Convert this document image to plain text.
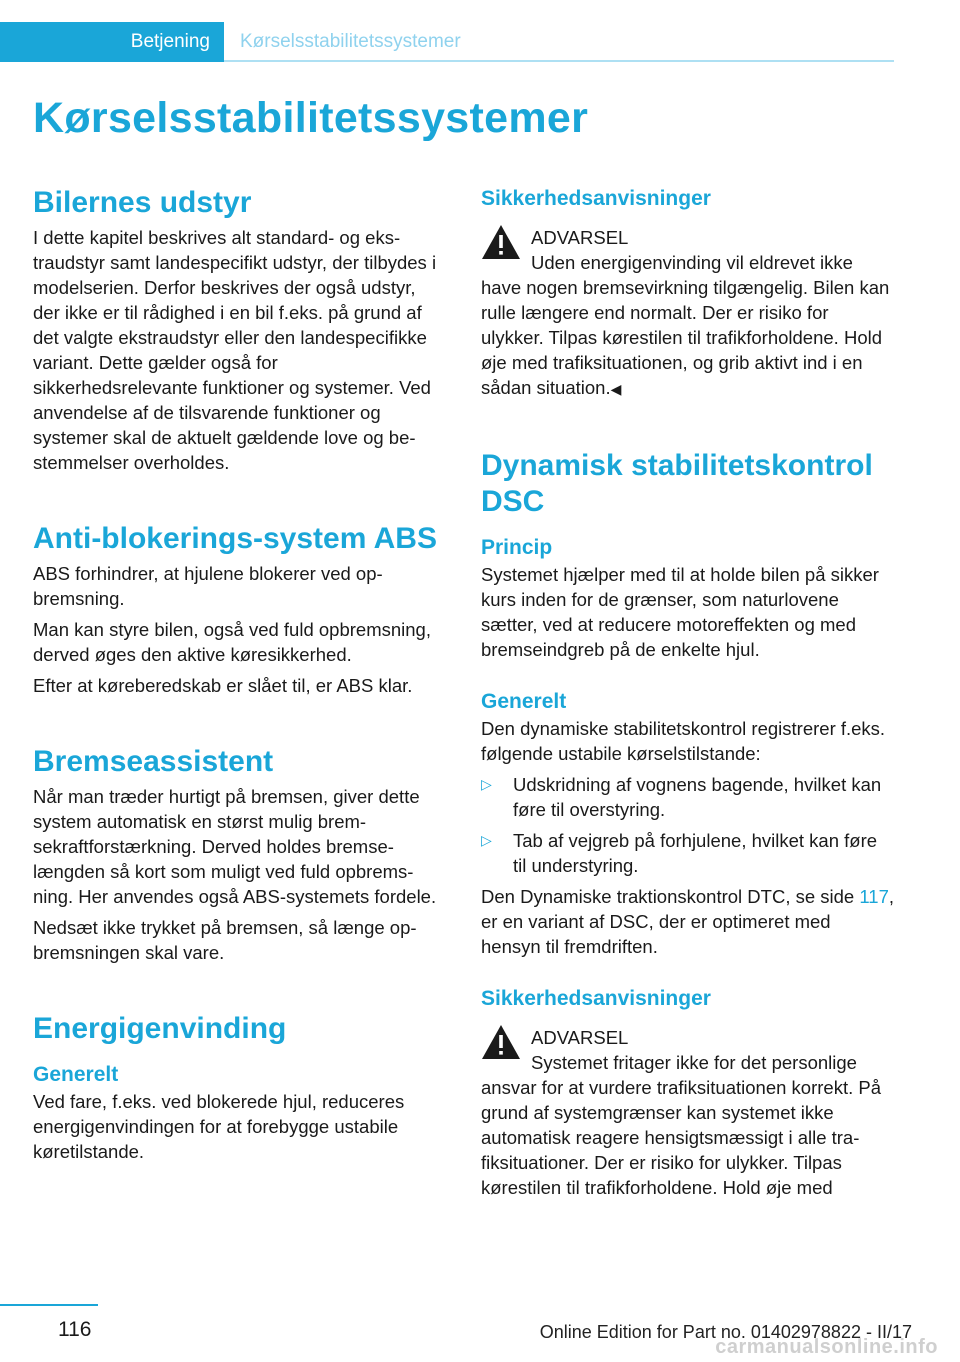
Betjening Kørselsstabilitetssystemer
Kørselsstabilitetssystemer
Bilernes udstyr

I dette kapitel beskrives alt standard- og ekstraudstyr samt landespecifikt udstyr, der tilbydes i modelserien. Derfor beskrives der også udstyr, der ikke er til rådighed i en bil f.eks. på grund af det valgte ekstraudstyr eller den landespecifikke variant. Dette gælder også for sikkerhedsrelevante funktioner og systemer. Ved anvendelse af de tilsvarende funktioner og systemer skal de aktuelt gældende love og bestemmelser overholdes.

Anti-blokerings-system ABS

ABS forhindrer, at hjulene blokerer ved opbremsning.

Man kan styre bilen, også ved fuld opbremsning, derved øges den aktive køresikkerhed.

Efter at køreberedskab er slået til, er ABS klar.

Bremseassistent

Når man træder hurtigt på bremsen, giver dette system automatisk en størst mulig bremsekraftforstærkning. Derved holdes bremselængden så kort som muligt ved fuld opbremsning. Her anvendes også ABS-systemets fordele.

Nedsæt ikke trykket på bremsen, så længe opbremsningen skal vare.

Energigenvinding
Generelt

Ved fare, f.eks. ved blokerede hjul, reduceres energigenvindingen for at forebygge ustabile køretilstande.

Sikkerhedsanvisninger

ADVARSEL

Uden energigenvinding vil eldrevet ikke have nogen bremsevirkning tilgængelig. Bilen kan rulle længere end normalt. Der er risiko for ulykker. Tilpas kørestilen til trafikforholdene. Hold øje med trafiksituationen, og grib aktivt ind i en sådan situation.◀

Dynamisk stabilitetskontrol DSC
Princip

Systemet hjælper med til at holde bilen på sikker kurs inden for de grænser, som naturlovene sætter, ved at reducere motoreffekten og med bremseindgreb på de enkelte hjul.

Generelt

Den dynamiske stabilitetskontrol registrerer f.eks. følgende ustabile kørselstilstande:

▷	Udskridning af vognens bagende, hvilket kan føre til overstyring.
▷	Tab af vejgreb på forhjulene, hvilket kan føre til understyring.

Den Dynamiske traktionskontrol DTC, se side 117, er en variant af DSC, der er optimeret med hensyn til fremdriften.

Sikkerhedsanvisninger

ADVARSEL

Systemet fritager ikke for det personlige ansvar for at vurdere trafiksituationen korrekt. På grund af systemgrænser kan systemet ikke automatisk reagere hensigtsmæssigt i alle trafiksituationer. Der er risiko for ulykker. Tilpas kørestilen til trafikforholdene. Hold øje med

116
carmanualsonline.info
Online Edition for Part no. 01402978822 - II/17
